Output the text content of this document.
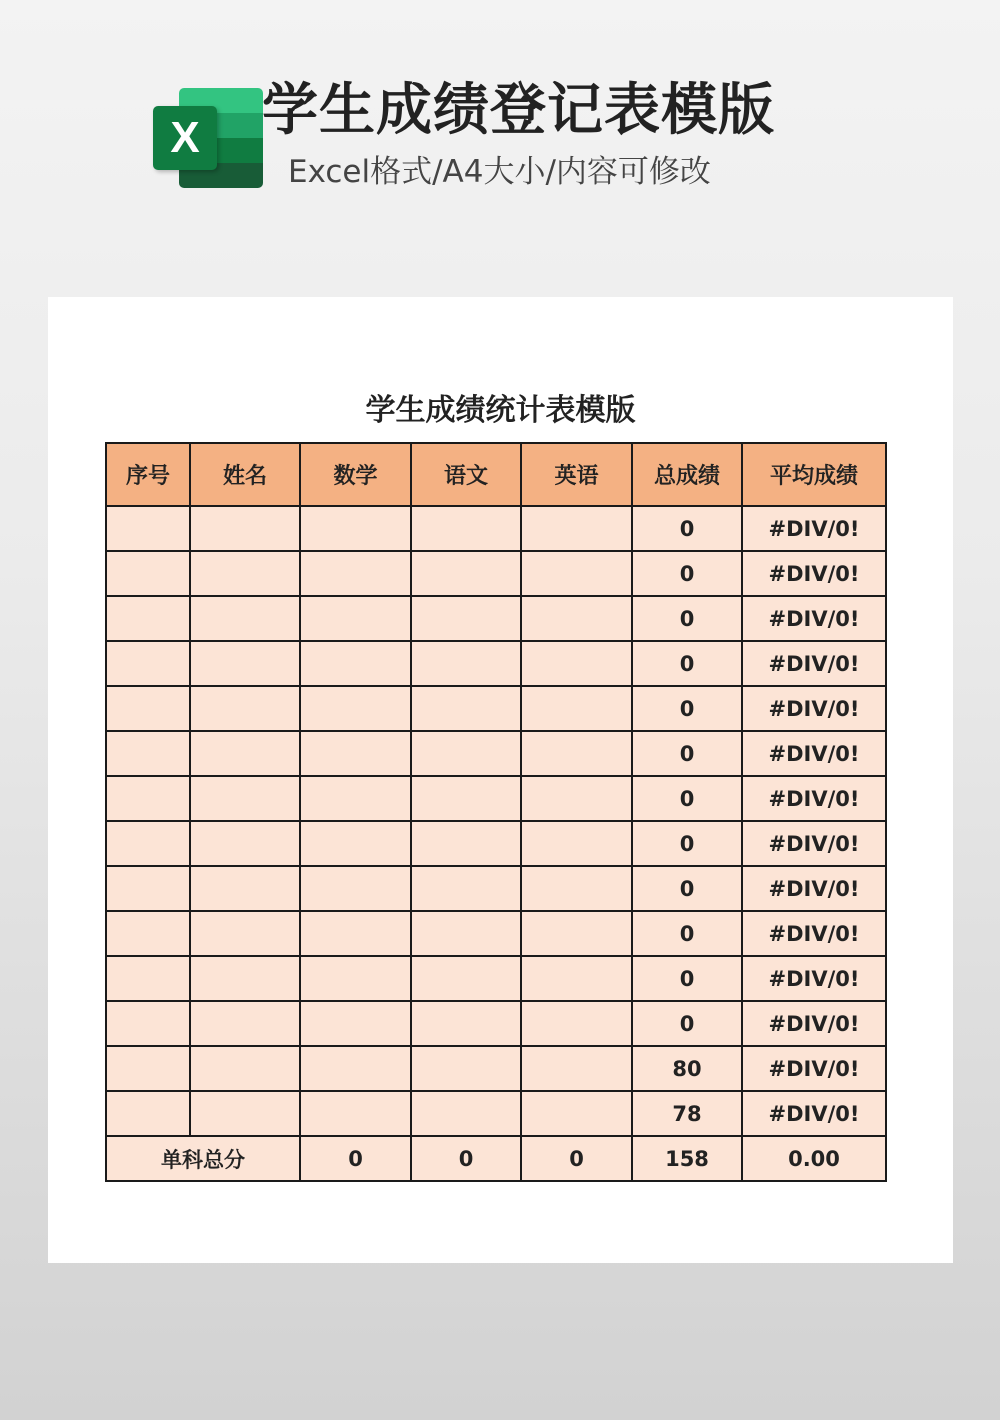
X	学生成绩登记表模版
Excel格式/A4大小/内容可修改
学生成绩统计表模版
序号	姓名	数学	语文	英语	总成绩	平均成绩
					0	#DIV/0!
					0	#DIV/0!
					0	#DIV/0!
					0	#DIV/0!
					0	#DIV/0!
					0	#DIV/0!
					0	#DIV/0!
					0	#DIV/0!
					0	#DIV/0!
					0	#DIV/0!
					0	#DIV/0!
					0	#DIV/0!
					80	#DIV/0!
					78	#DIV/0!
单科总分		0	0	0	158	0.00
